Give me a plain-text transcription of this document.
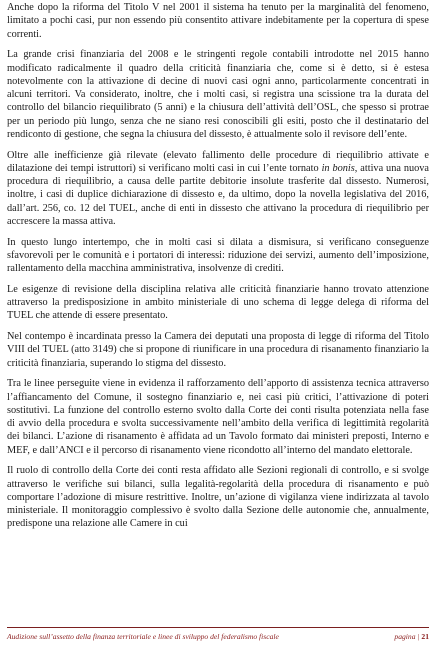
Anche dopo la riforma del Titolo V nel 2001 il sistema ha tenuto per la marginalità del fenomeno, limitato a pochi casi, pur non essendo più consentito attivare indebitamente per la copertura di spese correnti.

La grande crisi finanziaria del 2008 e le stringenti regole contabili introdotte nel 2015 hanno modificato radicalmente il quadro della criticità finanziaria che, come si è detto, si è estesa notevolmente con la attivazione di decine di nuovi casi ogni anno, particolarmente concentrati in alcuni territori. Va considerato, inoltre, che i molti casi, si registra una scissione tra la durata del controllo del bilancio riequilibrato (5 anni) e la chiusura dell’attività dell’OSL, che spesso si protrae per un periodo più lungo, senza che ne siano resi conoscibili gli esiti, posto che il destinatario del rendiconto di gestione, che segna la chiusura del dissesto, è attualmente solo il revisore dell’ente.

Oltre alle inefficienze già rilevate (elevato fallimento delle procedure di riequilibrio attivate e dilatazione dei tempi istruttori) si verificano molti casi in cui l’ente tornato in bonis, attiva una nuova procedura di riequilibrio, a causa delle partite debitorie insolute trasferite dal dissesto. Numerosi, inoltre, i casi di duplice dichiarazione di dissesto e, da ultimo, dopo la novella legislativa del 2016, dall’art. 256, co. 12 del TUEL, anche di enti in dissesto che attivano la procedura di riequilibrio per accrescere la massa attiva.

In questo lungo intertempo, che in molti casi si dilata a dismisura, si verificano conseguenze sfavorevoli per le comunità e i portatori di interessi: riduzione dei servizi, aumento dell’imposizione, rallentamento della macchina amministrativa, insolvenze di crediti.

Le esigenze di revisione della disciplina relativa alle criticità finanziarie hanno trovato attenzione attraverso la predisposizione in ambito ministeriale di uno schema di legge delega di riforma del TUEL che attende di essere presentato.

Nel contempo è incardinata presso la Camera dei deputati una proposta di legge di riforma del Titolo VIII del TUEL (atto 3149) che si propone di riunificare in una procedura di risanamento finanziario la criticità finanziaria, superando lo stigma del dissesto.

Tra le linee perseguite viene in evidenza il rafforzamento dell’apporto di assistenza tecnica attraverso l’affiancamento del Comune, il sostegno finanziario e, nei casi più critici, l’attivazione di poteri sostitutivi. La funzione del controllo esterno svolto dalla Corte dei conti risulta potenziata nella fase di avvio della procedura e svolta successivamente nell’ambito della verifica di legittimità regolarità dei bilanci. L’azione di risanamento è affidata ad un Tavolo formato dai ministeri preposti, Interno e MEF, e dall’ANCI e il percorso di risanamento viene ricondotto all’interno del mandato elettorale.

Il ruolo di controllo della Corte dei conti resta affidato alle Sezioni regionali di controllo, e si svolge attraverso le verifiche sui bilanci, sulla legalità-regolarità della procedura di risanamento e può comportare l’adozione di misure restrittive. Inoltre, un’azione di vigilanza viene indirizzata al tavolo ministeriale. Il monitoraggio complessivo è svolto dalla Sezione delle autonomie che, annualmente, predispone una relazione alle Camere in cui

Audizione sull’assetto della finanza territoriale e linee di sviluppo del federalismo fiscale	pagina | 21
